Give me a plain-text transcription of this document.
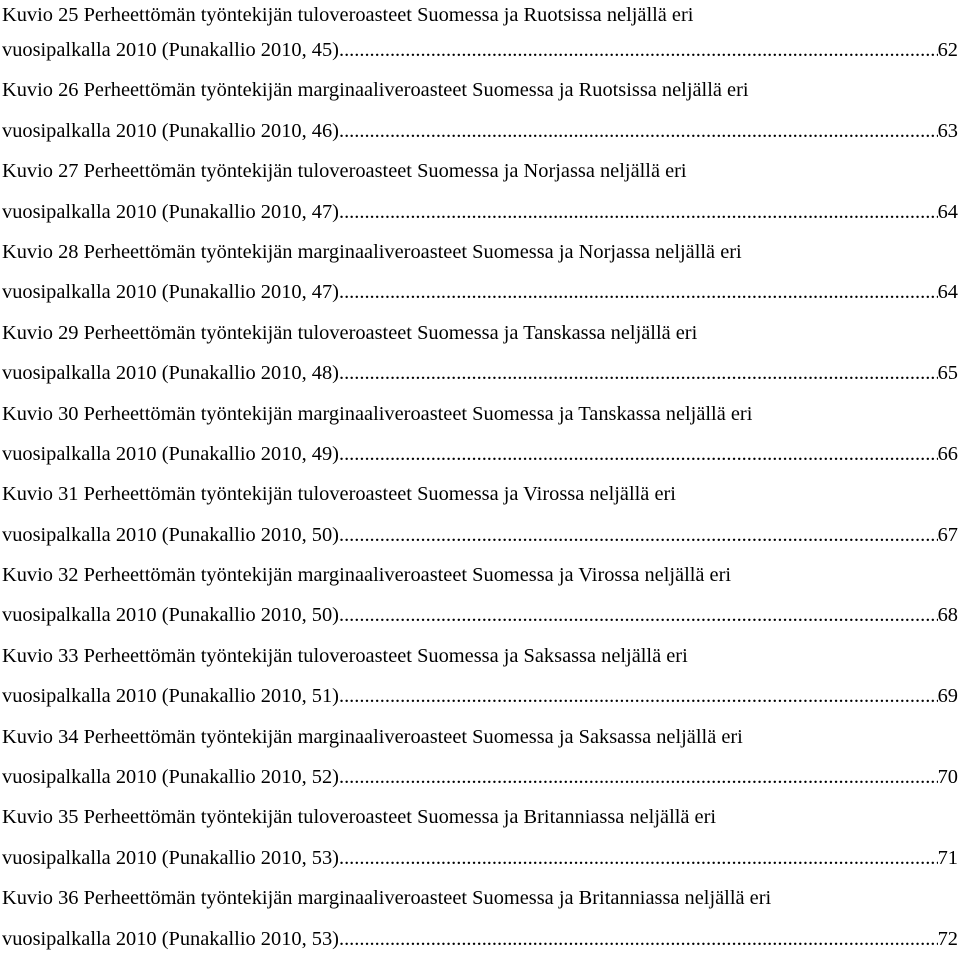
Kuvio 25 Perheettömän työntekijän tuloveroasteet Suomessa ja Ruotsissa neljällä eri
vuosipalkalla 2010 (Punakallio 2010, 45) .....	62
Kuvio 26 Perheettömän työntekijän marginaaliveroasteet Suomessa ja Ruotsissa neljällä eri
vuosipalkalla 2010 (Punakallio 2010, 46) .....	63
Kuvio 27 Perheettömän työntekijän tuloveroasteet Suomessa ja Norjassa neljällä eri
vuosipalkalla 2010 (Punakallio 2010, 47) .....	64
Kuvio 28 Perheettömän työntekijän marginaaliveroasteet Suomessa ja Norjassa neljällä eri
vuosipalkalla 2010 (Punakallio 2010, 47) .....	64
Kuvio 29 Perheettömän työntekijän tuloveroasteet Suomessa ja Tanskassa neljällä eri
vuosipalkalla 2010 (Punakallio 2010, 48) .....	65
Kuvio 30 Perheettömän työntekijän marginaaliveroasteet Suomessa ja Tanskassa neljällä eri
vuosipalkalla 2010 (Punakallio 2010, 49) .....	66
Kuvio 31 Perheettömän työntekijän tuloveroasteet Suomessa ja Virossa neljällä eri
vuosipalkalla 2010 (Punakallio 2010, 50) .....	67
Kuvio 32 Perheettömän työntekijän marginaaliveroasteet Suomessa ja Virossa neljällä eri
vuosipalkalla 2010 (Punakallio 2010, 50) .....	68
Kuvio 33 Perheettömän työntekijän tuloveroasteet Suomessa ja Saksassa neljällä eri
vuosipalkalla 2010 (Punakallio 2010, 51) .....	69
Kuvio 34 Perheettömän työntekijän marginaaliveroasteet Suomessa ja Saksassa neljällä eri
vuosipalkalla 2010 (Punakallio 2010, 52) .....	70
Kuvio 35 Perheettömän työntekijän tuloveroasteet Suomessa ja Britanniassa neljällä eri
vuosipalkalla 2010 (Punakallio 2010, 53) .....	71
Kuvio 36 Perheettömän työntekijän marginaaliveroasteet Suomessa ja Britanniassa neljällä eri
vuosipalkalla 2010 (Punakallio 2010, 53) .....	72
